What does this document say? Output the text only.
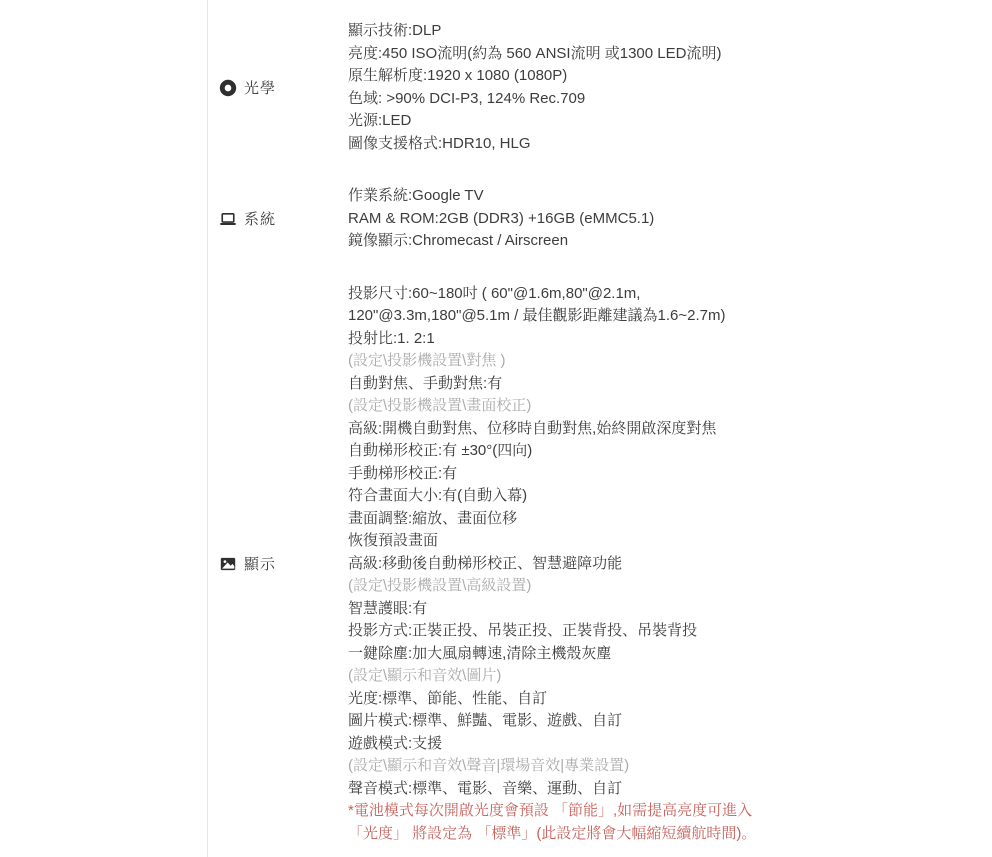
光學
顯示技術:DLP
亮度:450 ISO流明(約為 560 ANSI流明 或1300 LED流明)
原生解析度:1920 x 1080 (1080P)
色域: >90% DCI-P3, 124% Rec.709
光源:LED
圖像支援格式:HDR10, HLG
系統
作業系統:Google TV
RAM & ROM:2GB (DDR3) +16GB (eMMC5.1)
鏡像顯示:Chromecast / Airscreen
顯示
投影尺寸:60~180吋 ( 60"@1.6m,80"@2.1m,
120"@3.3m,180"@5.1m / 最佳觀影距離建議為1.6~2.7m)
投射比:1. 2:1
(設定\投影機設置\對焦 )
自動對焦、手動對焦:有
(設定\投影機設置\畫面校正)
高級:開機自動對焦、位移時自動對焦,始終開啟深度對焦
自動梯形校正:有 ±30°(四向)
手動梯形校正:有
符合畫面大小:有(自動入幕)
畫面調整:縮放、畫面位移
恢復預設畫面
高級:移動後自動梯形校正、智慧避障功能
(設定\投影機設置\高級設置)
智慧護眼:有
投影方式:正裝正投、吊裝正投、正裝背投、吊裝背投
一鍵除塵:加大風扇轉速,清除主機殼灰塵
(設定\顯示和音效\圖片)
光度:標準、節能、性能、自訂
圖片模式:標準、鮮豔、電影、遊戲、自訂
遊戲模式:支援
(設定\顯示和音效\聲音|環場音效|專業設置)
聲音模式:標準、電影、音樂、運動、自訂
*電池模式每次開啟光度會預設 「節能」,如需提高亮度可進入
「光度」 將設定為 「標準」(此設定將會大幅縮短續航時間)。
